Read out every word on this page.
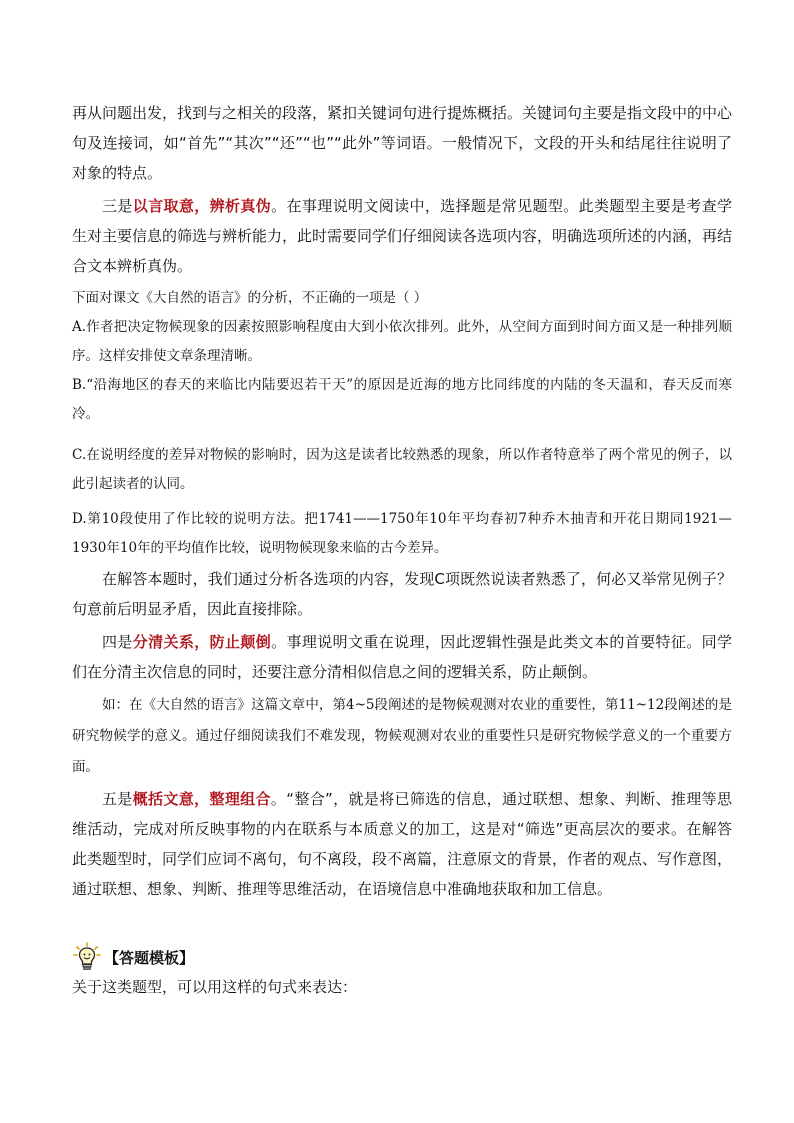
再从问题出发，找到与之相关的段落，紧扣关键词句进行提炼概括。关键词句主要是指文段中的中心句及连接词，如“首先”“其次”“还”“也”“此外”等词语。一般情况下，文段的开头和结尾往往说明了对象的特点。

三是以言取意，辨析真伪。在事理说明文阅读中，选择题是常见题型。此类题型主要是考查学生对主要信息的筛选与辨析能力，此时需要同学们仔细阅读各选项内容，明确选项所述的内涵，再结合文本辨析真伪。

下面对课文《大自然的语言》的分析，不正确的一项是（ ）

A.作者把决定物候现象的因素按照影响程度由大到小依次排列。此外，从空间方面到时间方面又是一种排列顺序。这样安排使文章条理清晰。

B.“沿海地区的春天的来临比内陆要迟若干天”的原因是近海的地方比同纬度的内陆的冬天温和，春天反而寒冷。

C.在说明经度的差异对物候的影响时，因为这是读者比较熟悉的现象，所以作者特意举了两个常见的例子，以此引起读者的认同。

D.第10段使用了作比较的说明方法。把1741——1750年10年平均春初7种乔木抽青和开花日期同1921—1930年10年的平均值作比较，说明物候现象来临的古今差异。

在解答本题时，我们通过分析各选项的内容，发现C项既然说读者熟悉了，何必又举常见例子？句意前后明显矛盾，因此直接排除。

四是分清关系，防止颠倒。事理说明文重在说理，因此逻辑性强是此类文本的首要特征。同学们在分清主次信息的同时，还要注意分清相似信息之间的逻辑关系，防止颠倒。

如：在《大自然的语言》这篇文章中，第4~5段阐述的是物候观测对农业的重要性，第11~12段阐述的是研究物候学的意义。通过仔细阅读我们不难发现，物候观测对农业的重要性只是研究物候学意义的一个重要方面。

五是概括文意，整理组合。“整合”，就是将已筛选的信息，通过联想、想象、判断、推理等思维活动，完成对所反映事物的内在联系与本质意义的加工，这是对“筛选”更高层次的要求。在解答此类题型时，同学们应词不离句，句不离段，段不离篇，注意原文的背景，作者的观点、写作意图，通过联想、想象、判断、推理等思维活动，在语境信息中准确地获取和加工信息。

【答题模板】

关于这类题型，可以用这样的句式来表达：
